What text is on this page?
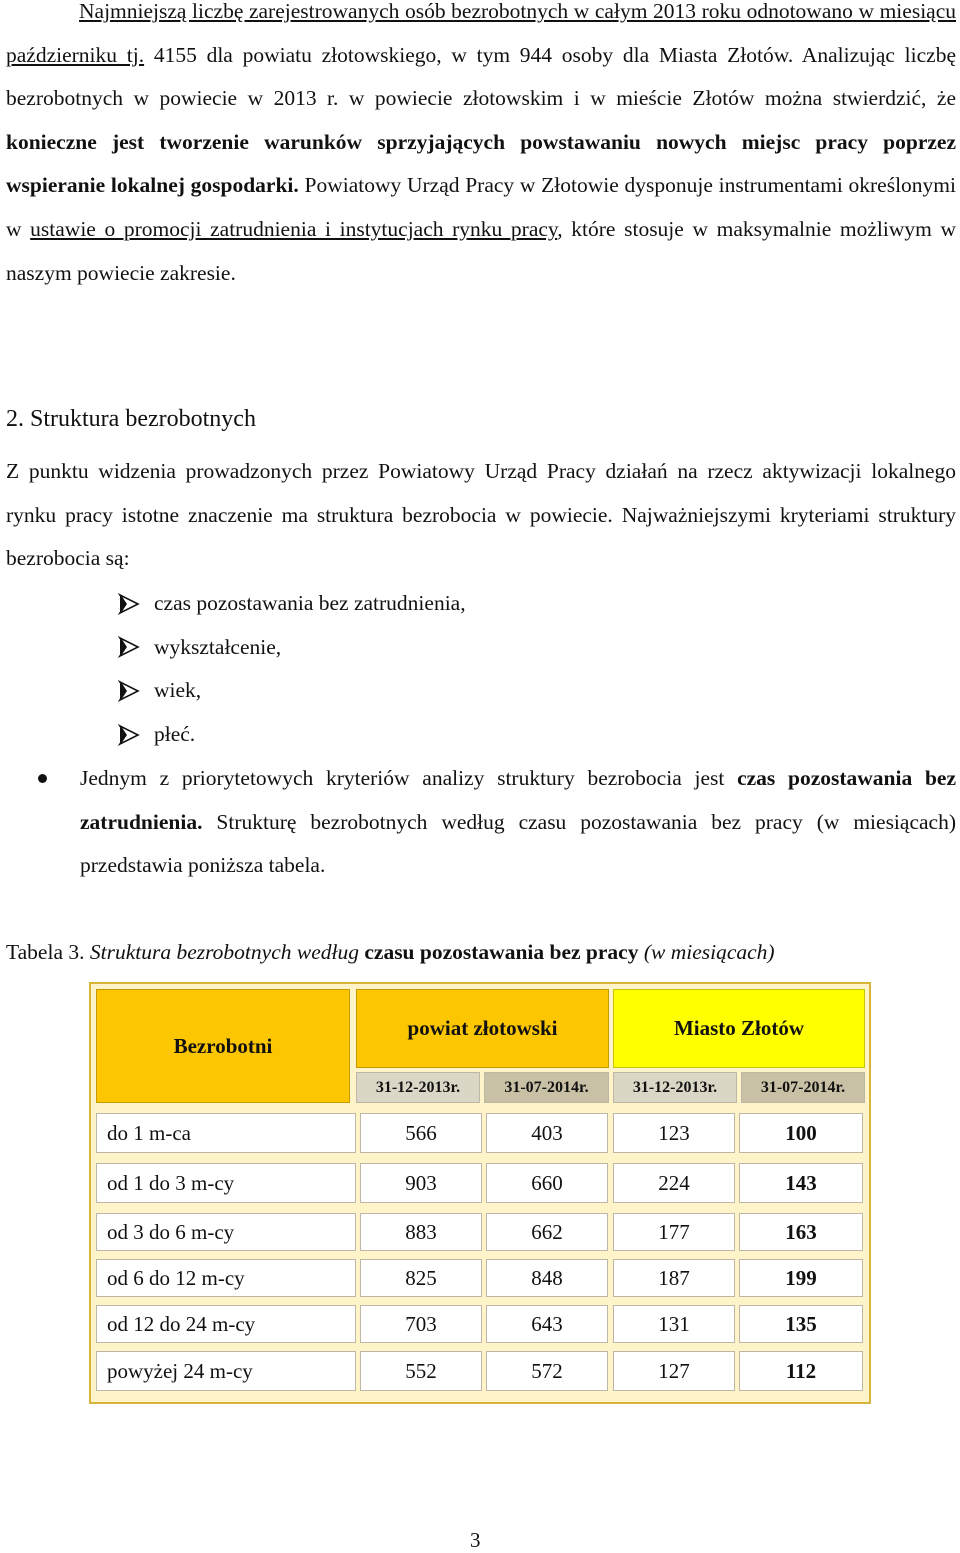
Najmniejszą liczbę zarejestrowanych osób bezrobotnych w całym 2013 roku odnotowano w miesiącu październiku tj. 4155 dla powiatu złotowskiego, w tym 944 osoby dla Miasta Złotów. Analizując liczbę bezrobotnych w powiecie w 2013 r. w powiecie złotowskim i w mieście Złotów można stwierdzić, że konieczne jest tworzenie warunków sprzyjających powstawaniu nowych miejsc pracy poprzez wspieranie lokalnej gospodarki. Powiatowy Urząd Pracy w Złotowie dysponuje instrumentami określonymi w ustawie o promocji zatrudnienia i instytucjach rynku pracy, które stosuje w maksymalnie możliwym w naszym powiecie zakresie.

2. Struktura bezrobotnych

Z punktu widzenia prowadzonych przez Powiatowy Urząd Pracy działań na rzecz aktywizacji lokalnego rynku pracy istotne znaczenie ma struktura bezrobocia w powiecie. Najważniejszymi kryteriami struktury bezrobocia są:

czas pozostawania bez zatrudnienia,
wykształcenie,
wiek,
płeć.
Jednym z priorytetowych kryteriów analizy struktury bezrobocia jest czas pozostawania bez zatrudnienia. Strukturę bezrobotnych według czasu pozostawania bez pracy (w miesiącach) przedstawia poniższa tabela.

Tabela 3. Struktura bezrobotnych według czasu pozostawania bez pracy (w miesiącach)

Bezrobotni
powiat złotowski	Miasto Złotów
31-12-2013r.	31-07-2014r.	31-12-2013r.	31-07-2014r.
do 1 m-ca	566	403	123	100
od 1 do 3 m-cy	903	660	224	143
od 3 do 6 m-cy	883	662	177	163
od 6 do 12 m-cy	825	848	187	199
od 12 do 24 m-cy	703	643	131	135
powyżej 24 m-cy	552	572	127	112
3
